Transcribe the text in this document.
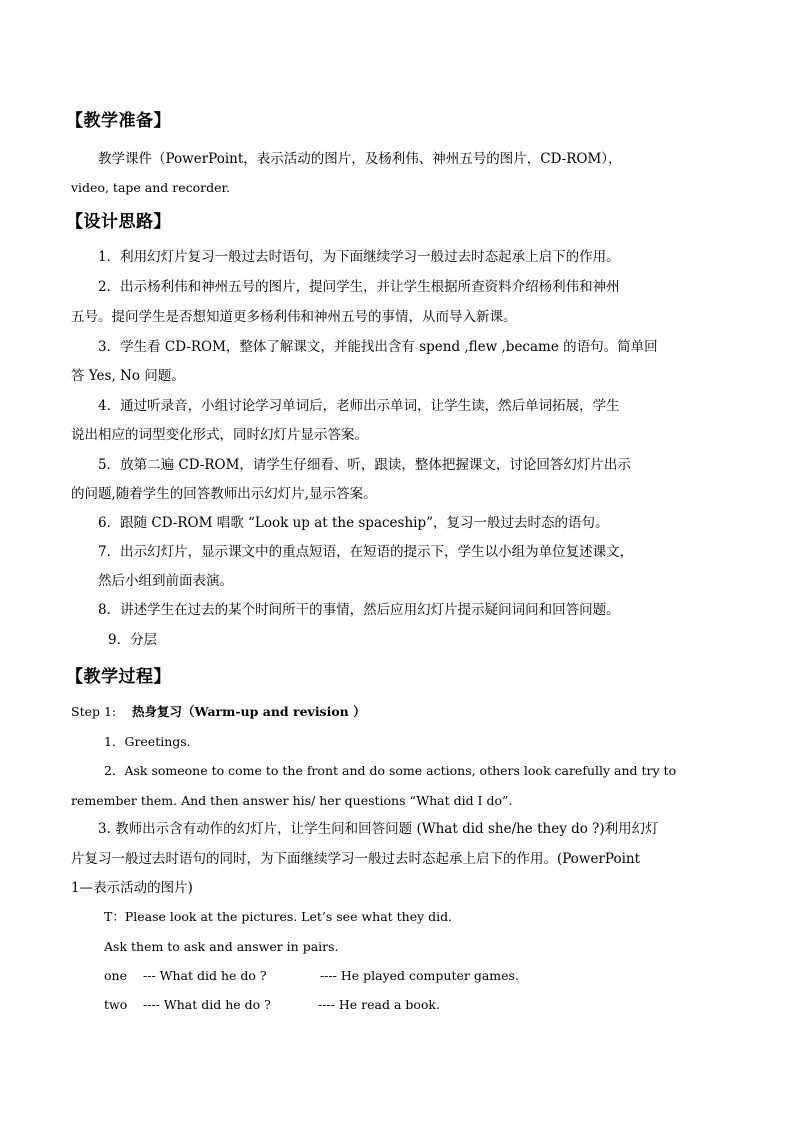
【教学准备】
教学课件（PowerPoint，表示活动的图片，及杨利伟、神州五号的图片，CD-ROM），
video, tape and recorder.
【设计思路】
1．利用幻灯片复习一般过去时语句，为下面继续学习一般过去时态起承上启下的作用。
2．出示杨利伟和神州五号的图片，提问学生，并让学生根据所查资料介绍杨利伟和神州
五号。提问学生是否想知道更多杨利伟和神州五号的事情，从而导入新课。
3．学生看 CD-ROM，整体了解课文，并能找出含有 spend ,flew ,became 的语句。简单回
答 Yes, No 问题。
4．通过听录音，小组讨论学习单词后，老师出示单词，让学生读，然后单词拓展，学生
说出相应的词型变化形式，同时幻灯片显示答案。
5．放第二遍 CD-ROM，请学生仔细看、听，跟读，整体把握课文，讨论回答幻灯片出示
的问题,随着学生的回答教师出示幻灯片,显示答案。
6．跟随 CD-ROM 唱歌 “Look up at the spaceship”，复习一般过去时态的语句。
7．出示幻灯片，显示课文中的重点短语，在短语的提示下，学生以小组为单位复述课文，
然后小组到前面表演。
8．讲述学生在过去的某个时间所干的事情，然后应用幻灯片提示疑问词问和回答问题。
9．分层
【教学过程】
Step 1: 热身复习（Warm-up and revision ）
1．Greetings.
2．Ask someone to come to the front and do some actions, others look carefully and try to
remember them. And then answer his/ her questions “What did I do”.
3. 教师出示含有动作的幻灯片，让学生问和回答问题 (What did she/he they do ?)利用幻灯
片复习一般过去时语句的同时，为下面继续学习一般过去时态起承上启下的作用。(PowerPoint
1—表示活动的图片)
T：Please look at the pictures. Let’s see what they did．
Ask them to ask and answer in pairs.
one --- What did he do ?	---- He played computer games.
two ---- What did he do ?	---- He read a book.
